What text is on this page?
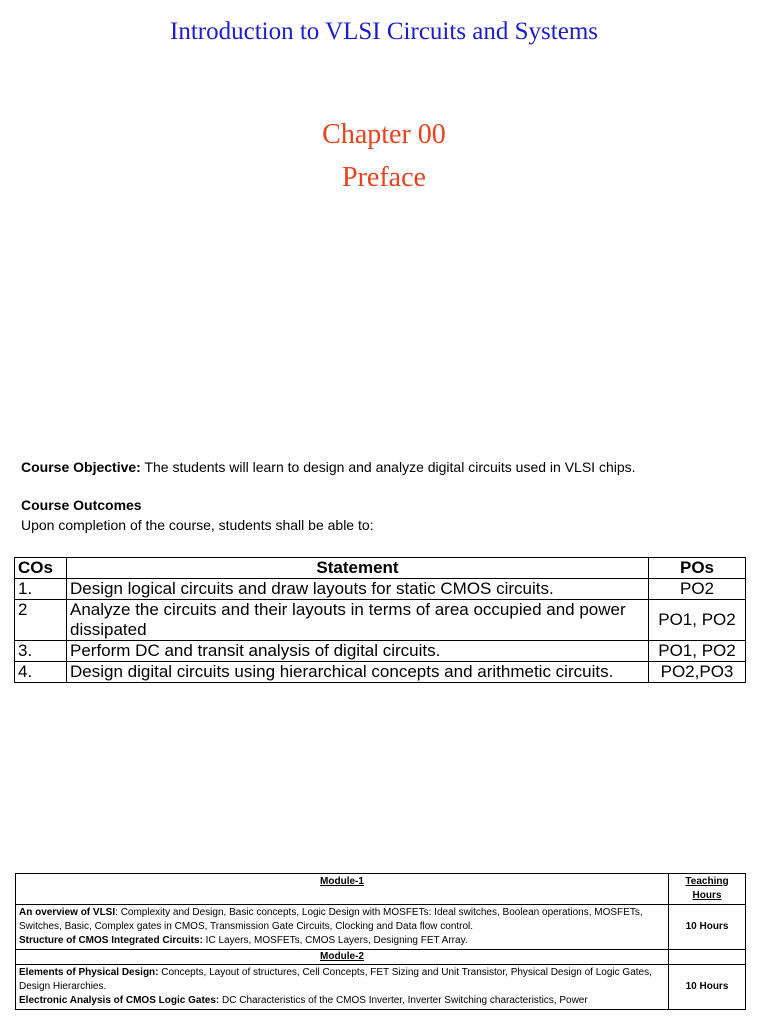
Introduction to VLSI Circuits and Systems
Chapter 00
Preface
Course Objective: The students will learn to design and analyze digital circuits used in VLSI chips.
Course Outcomes
Upon completion of the course, students shall be able to:
COs	Statement	POs
1.	Design logical circuits and draw layouts for static CMOS circuits.	PO2
2	Analyze the circuits and their layouts in terms of area occupied and power dissipated	PO1, PO2
3.	Perform DC and transit analysis of digital circuits.	PO1, PO2
4.	Design digital circuits using hierarchical concepts and arithmetic circuits.	PO2,PO3
Module-1	Teaching Hours
An overview of VLSI: Complexity and Design, Basic concepts, Logic Design with MOSFETs: Ideal switches, Boolean operations, MOSFETs, Switches, Basic, Complex gates in CMOS, Transmission Gate Circuits, Clocking and Data flow control.
Structure of CMOS Integrated Circuits: IC Layers, MOSFETs, CMOS Layers, Designing FET Array.	10 Hours
Module-2	
Elements of Physical Design: Concepts, Layout of structures, Cell Concepts, FET Sizing and Unit Transistor, Physical Design of Logic Gates, Design Hierarchies.
Electronic Analysis of CMOS Logic Gates: DC Characteristics of the CMOS Inverter, Inverter Switching characteristics, Power	10 Hours
